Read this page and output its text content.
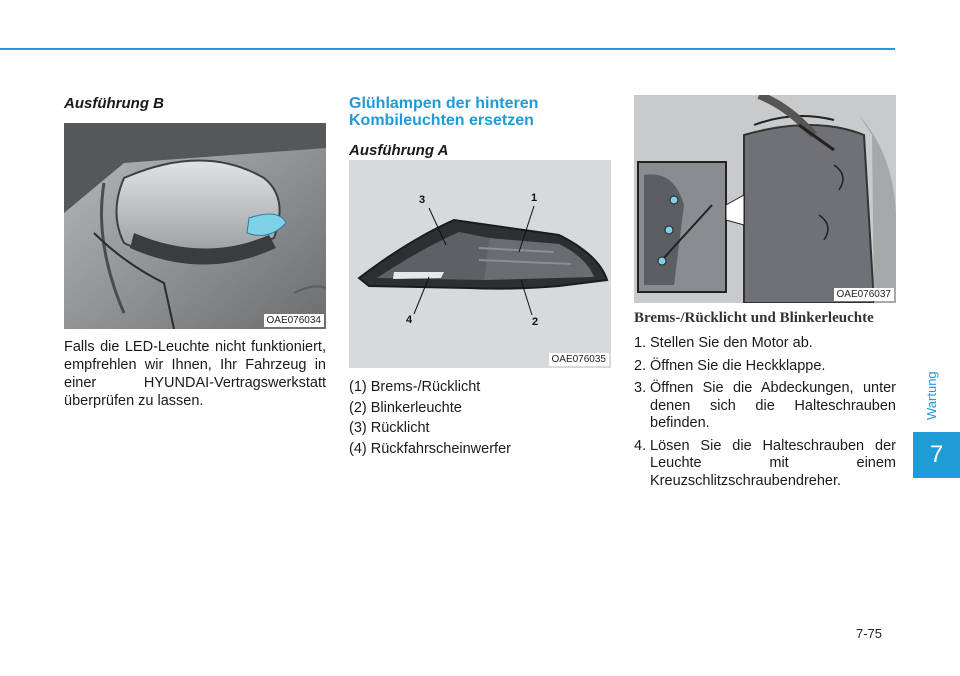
Wartung
7

Ausführung B

OAE076034

Falls die LED-Leuchte nicht funktioniert, empfrehlen wir Ihnen, Ihr Fahrzeug in einer HYUNDAI-Vertragswerkstatt überprüfen zu lassen.

Glühlampen der hinteren Kombileuchten ersetzen

Ausführung A

3	1
4	2
OAE076035
(1) Brems-/Rücklicht
(2) Blinkerleuchte
(3) Rücklicht
(4) Rückfahrscheinwerfer
OAE076037

Brems-/Rücklicht und Blinkerleuchte

1. Stellen Sie den Motor ab.
2. Öffnen Sie die Heckklappe.
3. Öffnen Sie die Abdeckungen, unter denen sich die Halteschrauben befinden.
4. Lösen Sie die Halteschrauben der Leuchte mit einem Kreuzschlitzschraubendreher.
7-75
